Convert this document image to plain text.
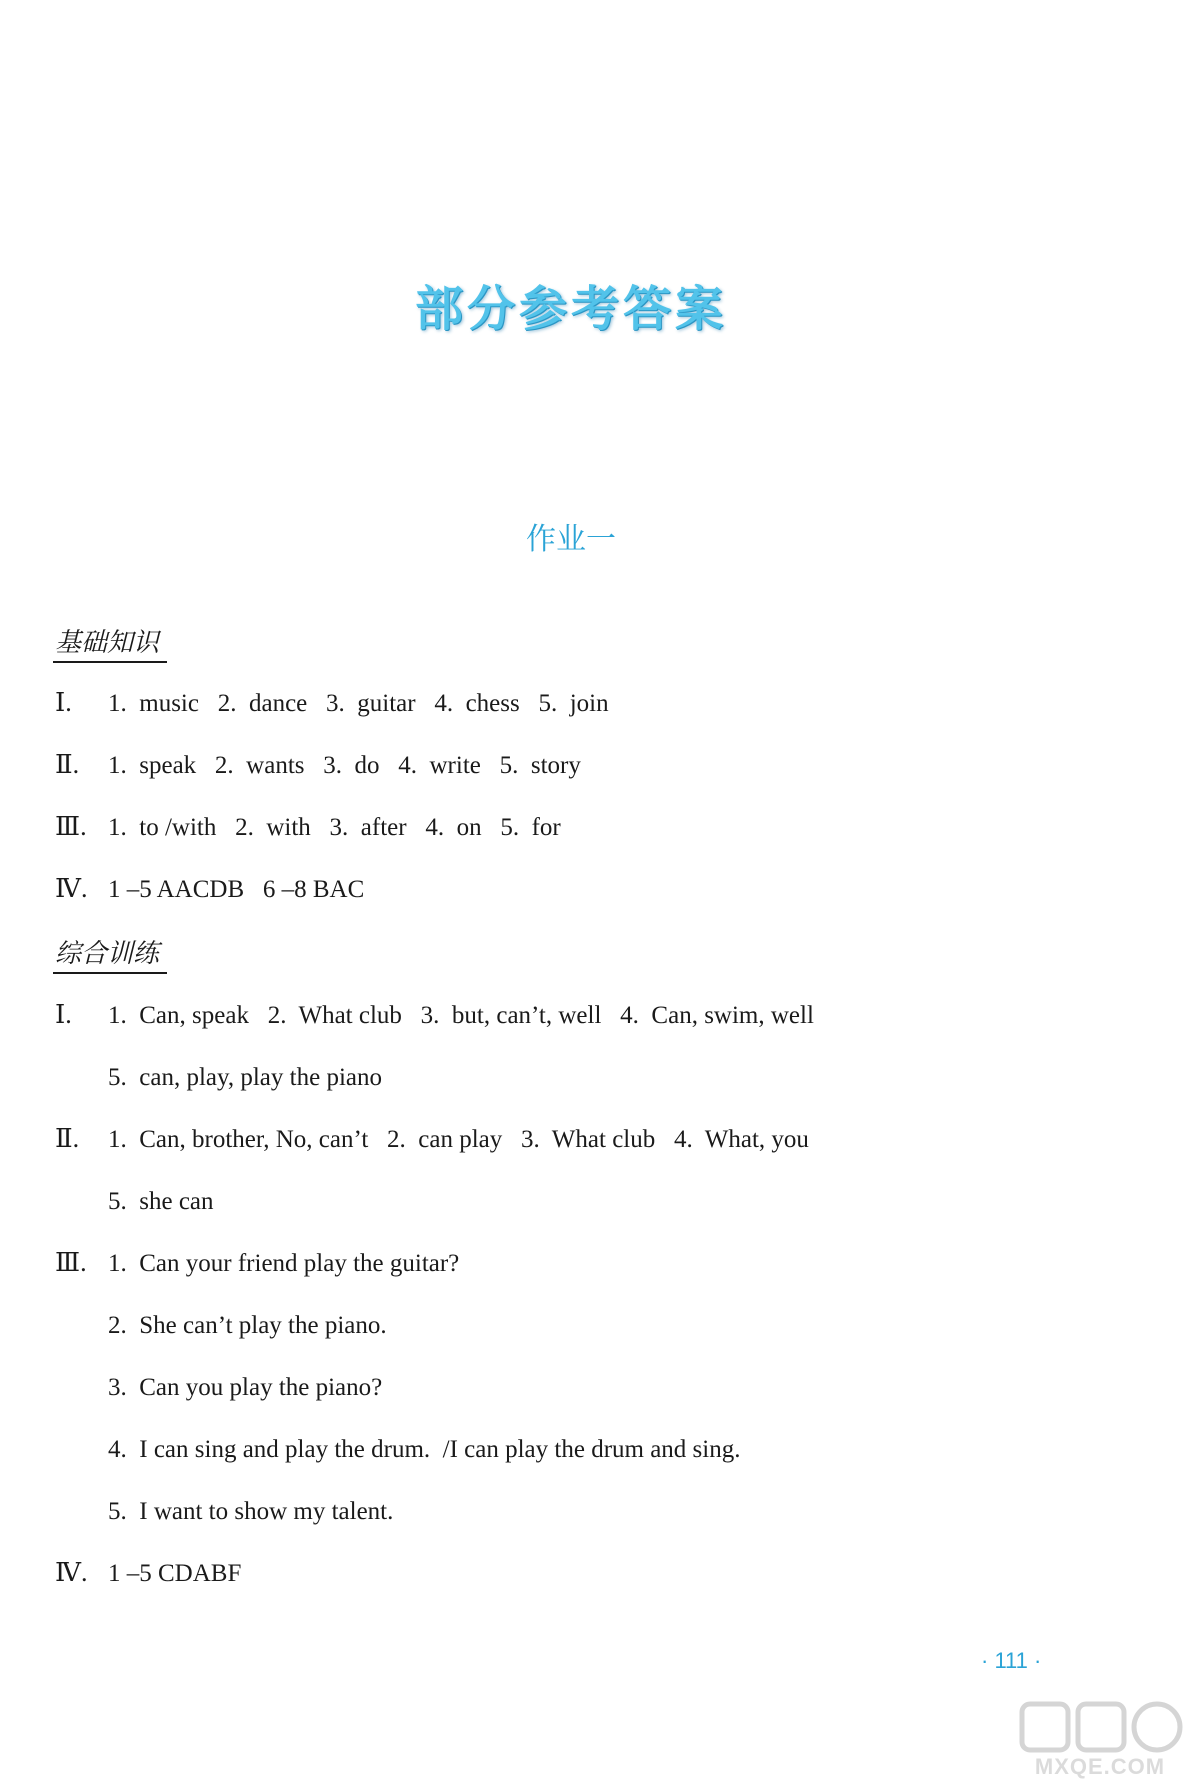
部分参考答案
作业一
基础知识
Ⅰ. 1.  music   2.  dance   3.  guitar   4.  chess   5.  join
Ⅱ. 1.  speak   2.  wants   3.  do   4.  write   5.  story
Ⅲ. 1.  to /with   2.  with   3.  after   4.  on   5.  for
Ⅳ. 1 –5 AACDB   6 –8 BAC
综合训练
Ⅰ. 1.  Can, speak   2.  What club   3.  but, can’t, well   4.  Can, swim, well
5.  can, play, play the piano
Ⅱ. 1.  Can, brother, No, can’t   2.  can play   3.  What club   4.  What, you
5.  she can
Ⅲ. 1.  Can your friend play the guitar?
2.  She can’t play the piano.
3.  Can you play the piano?
4.  I can sing and play the drum.  /I can play the drum and sing.
5.  I want to show my talent.
Ⅳ. 1 –5 CDABF
· 111 ·
MXQE.COM
